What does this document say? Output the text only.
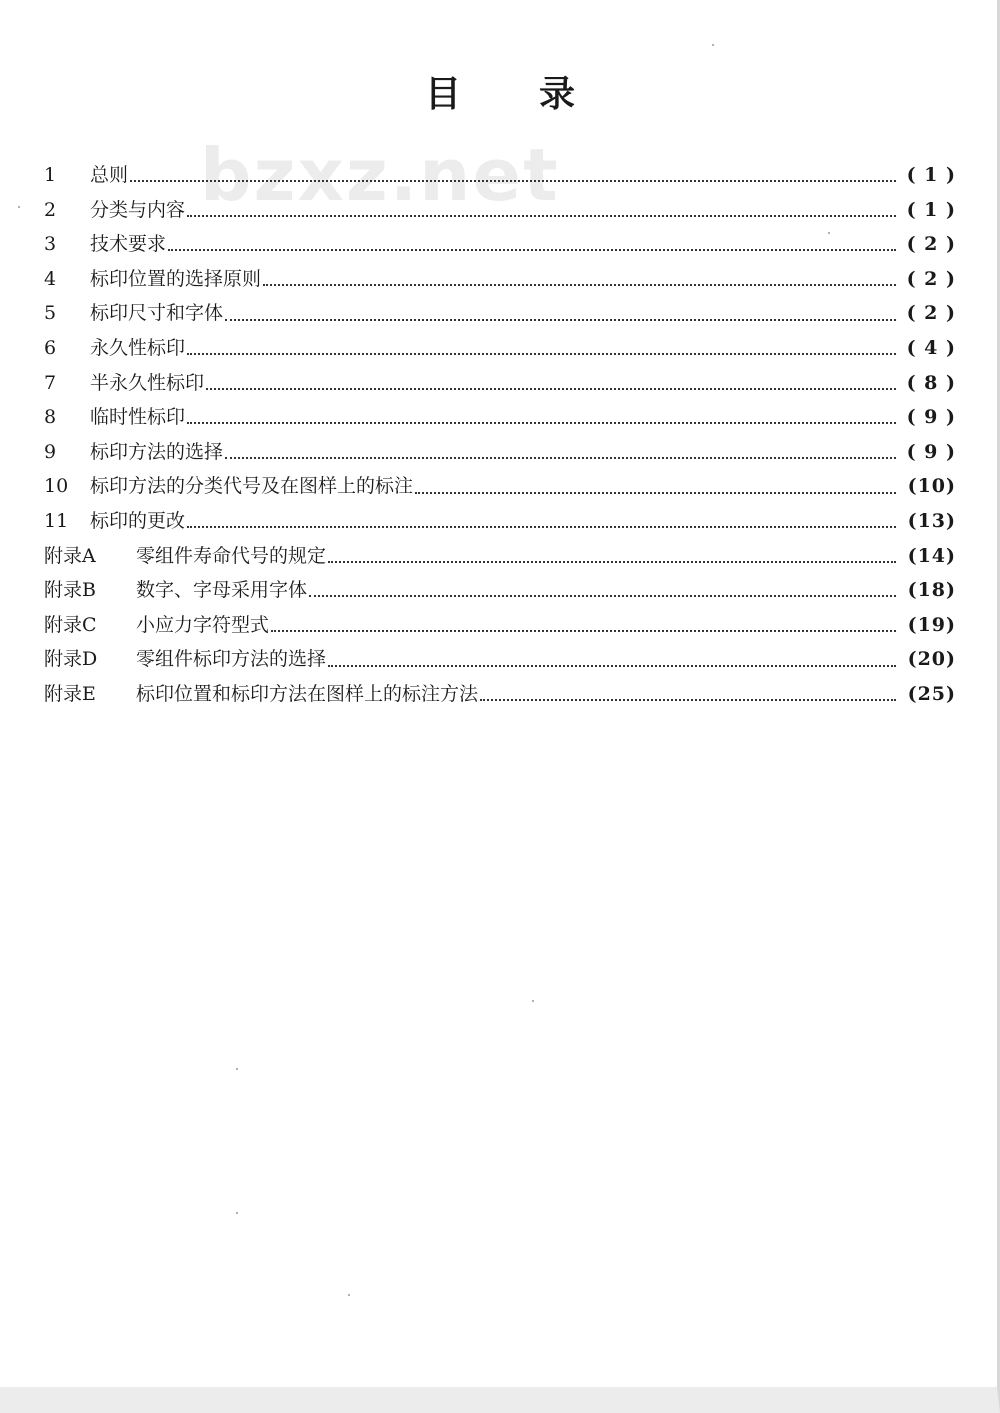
bzxz.net
目 录
1	总则	( 1 )
2	分类与内容	( 1 )
3	技术要求	( 2 )
4	标印位置的选择原则	( 2 )
5	标印尺寸和字体	( 2 )
6	永久性标印	( 4 )
7	半永久性标印	( 8 )
8	临时性标印	( 9 )
9	标印方法的选择	( 9 )
10	标印方法的分类代号及在图样上的标注	(10)
11	标印的更改	(13)
附录A	零组件寿命代号的规定	(14)
附录B	数字、字母采用字体	(18)
附录C	小应力字符型式	(19)
附录D	零组件标印方法的选择	(20)
附录E	标印位置和标印方法在图样上的标注方法	(25)
